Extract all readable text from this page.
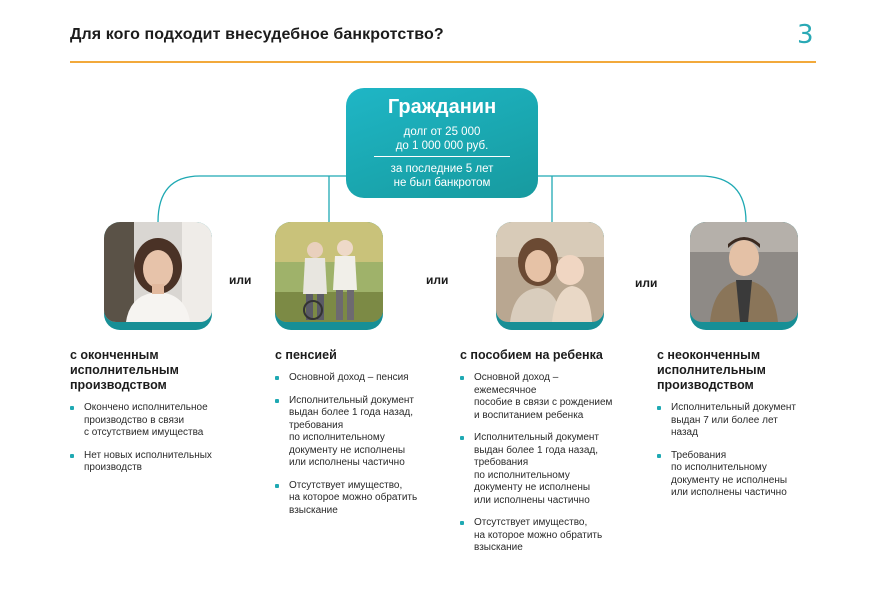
Для кого подходит внесудебное банкротство?	3
Гражданин
долг от 25 000
до 1 000 000 руб.
за последние 5 лет
не был банкротом
или	или	или
с оконченным
исполнительным
производством
Окончено исполнительное
производство в связи
с отсутствием имущества
Нет новых исполнительных
производств
с пенсией
Основной доход – пенсия
Исполнительный документ
выдан более 1 года назад,
требования
по исполнительному
документу не исполнены
или исполнены частично
Отсутствует имущество,
на которое можно обратить
взыскание
с пособием на ребенка
Основной доход –
ежемесячное
пособие в связи с рождением
и воспитанием ребенка
Исполнительный документ
выдан более 1 года назад,
требования
по исполнительному
документу не исполнены
или исполнены частично
Отсутствует имущество,
на которое можно обратить
взыскание
с неоконченным
исполнительным
производством
Исполнительный документ
выдан 7 или более лет
назад
Требования
по исполнительному
документу не исполнены
или исполнены частично
